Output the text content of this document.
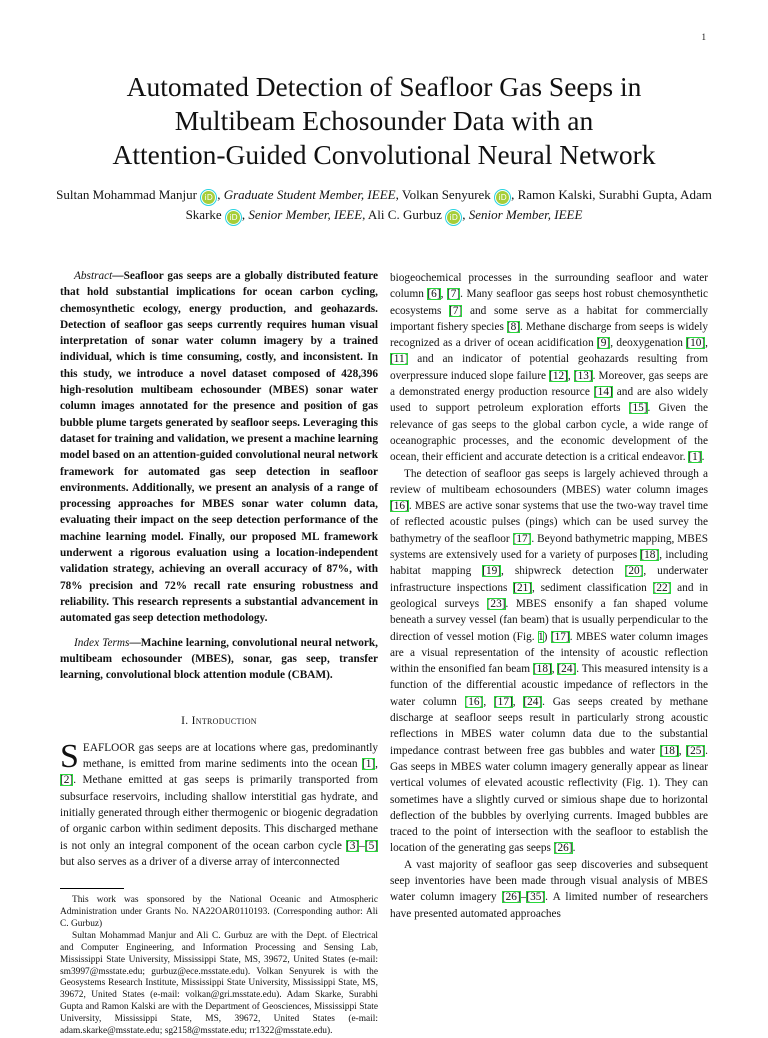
1
Automated Detection of Seafloor Gas Seeps in
Multibeam Echosounder Data with an
Attention-Guided Convolutional Neural Network
Sultan Mohammad Manjur iD , Graduate Student Member, IEEE, Volkan Senyurek iD , Ramon Kalski, Surabhi Gupta, Adam Skarke iD , Senior Member, IEEE, Ali C. Gurbuz iD , Senior Member, IEEE

Abstract—Seafloor gas seeps are a globally distributed feature that hold substantial implications for ocean carbon cycling, chemosynthetic ecology, energy production, and geohazards. Detection of seafloor gas seeps currently requires human visual interpretation of sonar water column imagery by a trained individual, which is time consuming, costly, and inconsistent. In this study, we introduce a novel dataset composed of 428,396 high-resolution multibeam echosounder (MBES) sonar water column images annotated for the presence and position of gas bubble plume targets generated by seafloor seeps. Leveraging this dataset for training and validation, we present a machine learning model based on an attention-guided convolutional neural network framework for automated gas seep detection in seafloor environments. Additionally, we present an analysis of a range of processing approaches for MBES sonar water column data, evaluating their impact on the seep detection performance of the machine learning model. Finally, our proposed ML framework underwent a rigorous evaluation using a location-independent validation strategy, achieving an overall accuracy of 87%, with 78% precision and 72% recall rate ensuring robustness and reliability. This research represents a substantial advancement in automated gas seep detection methodology.

Index Terms—Machine learning, convolutional neural network, multibeam echosounder (MBES), sonar, gas seep, transfer learning, convolutional block attention module (CBAM).

I. Introduction

SEAFLOOR gas seeps are at locations where gas, predominantly methane, is emitted from marine sediments into the ocean [1], [2]. Methane emitted at gas seeps is primarily transported from subsurface reservoirs, including shallow interstitial gas hydrate, and initially generated through either thermogenic or biogenic degradation of organic carbon within sediment deposits. This discharged methane is not only an integral component of the ocean carbon cycle [3]–[5] but also serves as a driver of a diverse array of interconnected

This work was sponsored by the National Oceanic and Atmospheric Administration under Grants No. NA22OAR0110193. (Corresponding author: Ali C. Gurbuz)

Sultan Mohammad Manjur and Ali C. Gurbuz are with the Dept. of Electrical and Computer Engineering, and Information Processing and Sensing Lab, Mississippi State University, Mississippi State, MS, 39672, United States (e-mail: sm3997@msstate.edu; gurbuz@ece.msstate.edu). Volkan Senyurek is with the Geosystems Research Institute, Mississippi State University, Mississippi State, MS, 39672, United States (e-mail: volkan@gri.msstate.edu). Adam Skarke, Surabhi Gupta and Ramon Kalski are with the Department of Geosciences, Mississippi State University, Mississippi State, MS, 39672, United States (e-mail: adam.skarke@msstate.edu; sg2158@msstate.edu; rr1322@msstate.edu).

biogeochemical processes in the surrounding seafloor and water column [6], [7]. Many seafloor gas seeps host robust chemosynthetic ecosystems [7] and some serve as a habitat for commercially important fishery species [8]. Methane discharge from seeps is widely recognized as a driver of ocean acidification [9], deoxygenation [10], [11] and an indicator of potential geohazards resulting from overpressure induced slope failure [12], [13]. Moreover, gas seeps are a demonstrated energy production resource [14] and are also widely used to support petroleum exploration efforts [15]. Given the relevance of gas seeps to the global carbon cycle, a wide range of oceanographic processes, and the economic development of the ocean, their efficient and accurate detection is a critical endeavor. [1].

The detection of seafloor gas seeps is largely achieved through a review of multibeam echosounders (MBES) water column images [16]. MBES are active sonar systems that use the two-way travel time of reflected acoustic pulses (pings) which can be used survey the bathymetry of the seafloor [17]. Beyond bathymetric mapping, MBES systems are extensively used for a variety of purposes [18], including habitat mapping [19], shipwreck detection [20], underwater infrastructure inspections [21], sediment classification [22] and in geological surveys [23]. MBES ensonify a fan shaped volume beneath a survey vessel (fan beam) that is usually perpendicular to the direction of vessel motion (Fig. 1) [17]. MBES water column images are a visual representation of the intensity of acoustic reflection within the ensonified fan beam [18], [24]. This measured intensity is a function of the differential acoustic impedance of reflectors in the water column [16], [17], [24]. Gas seeps created by methane discharge at seafloor seeps result in particularly strong acoustic reflections in MBES water column data due to the substantial impedance contrast between free gas bubbles and water [18], [25]. Gas seeps in MBES water column imagery generally appear as linear vertical volumes of elevated acoustic reflectivity (Fig. 1). They can sometimes have a slightly curved or simious shape due to horizontal deflection of the bubbles by overlying currents. Imaged bubbles are traced to the point of intersection with the seafloor to establish the location of the generating gas seeps [26].

A vast majority of seafloor gas seep discoveries and subsequent seep inventories have been made through visual analysis of MBES water column imagery [26]–[35]. A limited number of researchers have presented automated approaches
